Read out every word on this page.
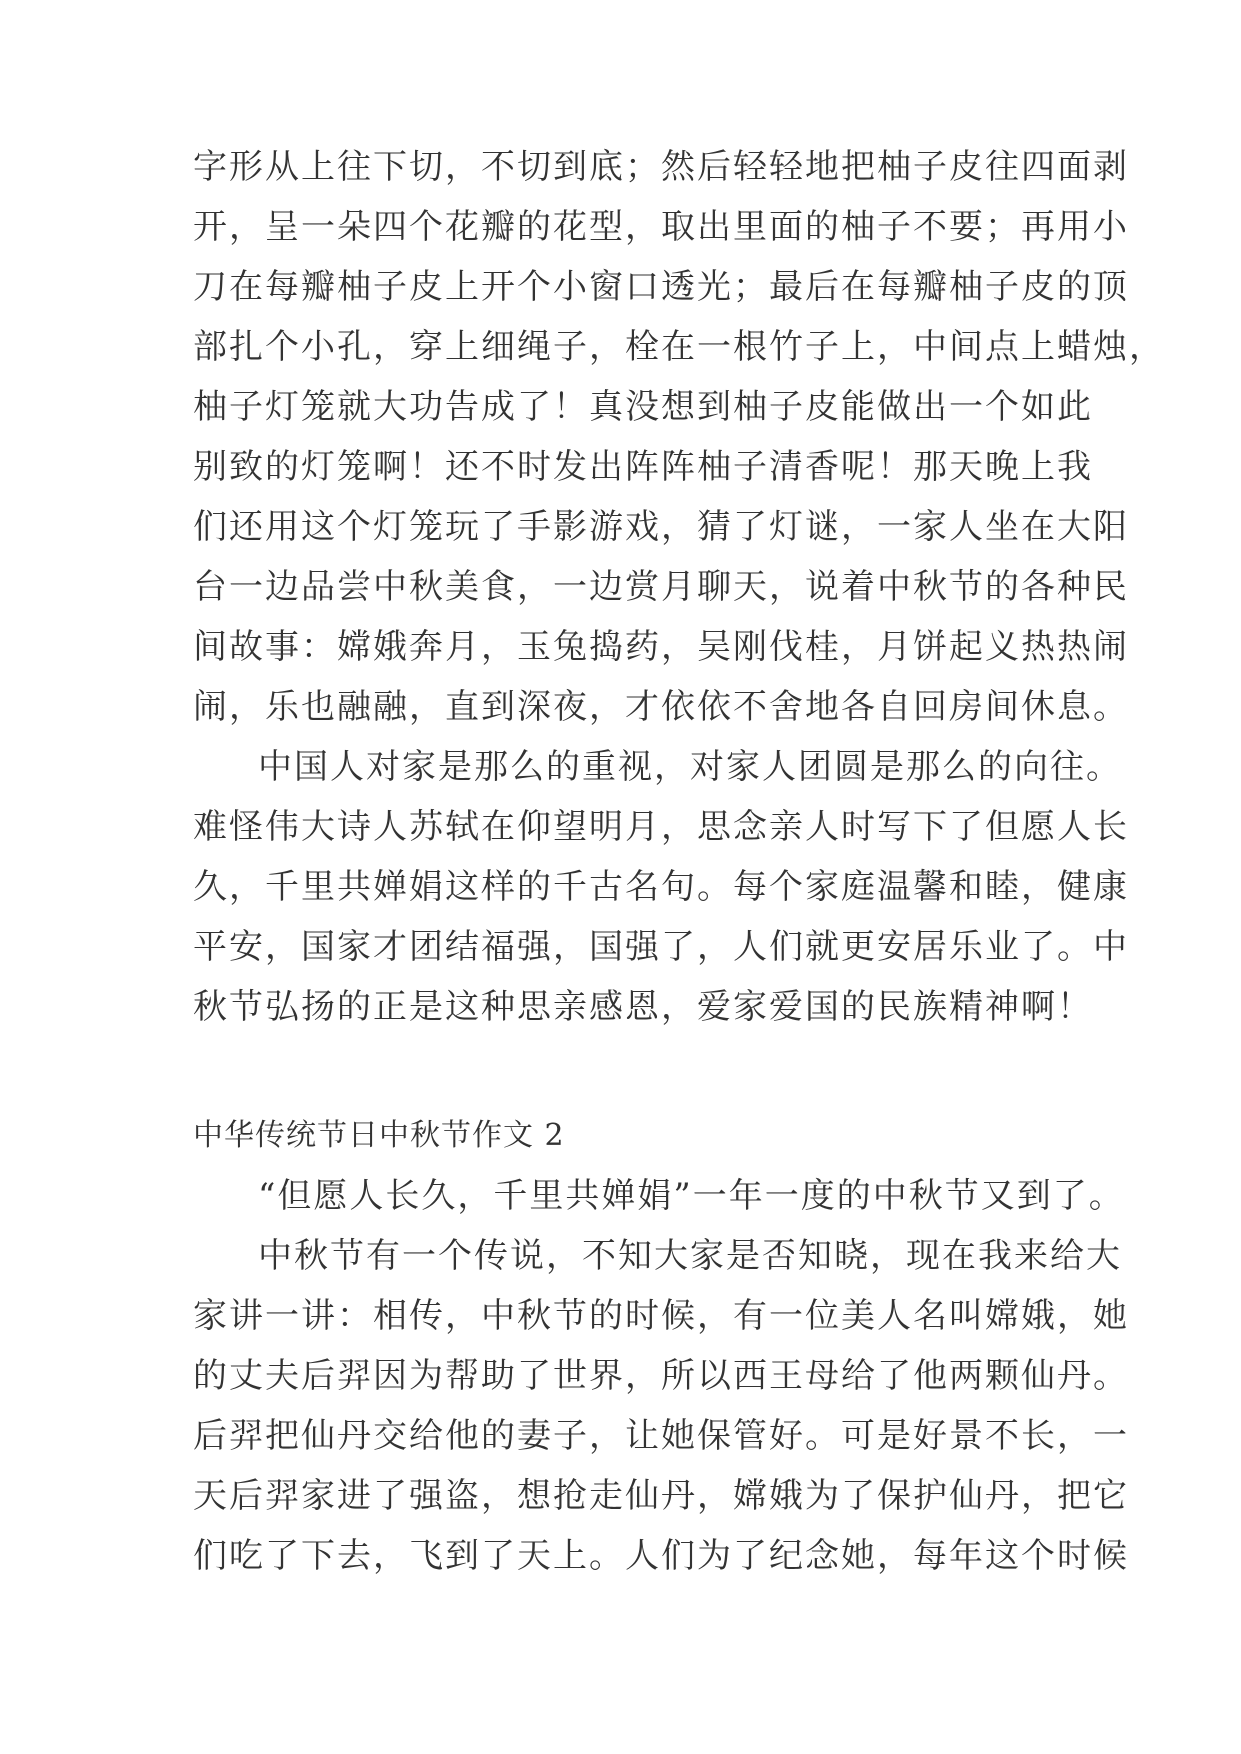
字形从上往下切，不切到底；然后轻轻地把柚子皮往四面剥
开，呈一朵四个花瓣的花型，取出里面的柚子不要；再用小
刀在每瓣柚子皮上开个小窗口透光；最后在每瓣柚子皮的顶
部扎个小孔，穿上细绳子，栓在一根竹子上，中间点上蜡烛，
柚子灯笼就大功告成了！真没想到柚子皮能做出一个如此
别致的灯笼啊！还不时发出阵阵柚子清香呢！那天晚上我
们还用这个灯笼玩了手影游戏，猜了灯谜，一家人坐在大阳
台一边品尝中秋美食，一边赏月聊天，说着中秋节的各种民
间故事：嫦娥奔月，玉兔捣药，吴刚伐桂，月饼起义热热闹
闹，乐也融融，直到深夜，才依依不舍地各自回房间休息。
中国人对家是那么的重视，对家人团圆是那么的向往。
难怪伟大诗人苏轼在仰望明月，思念亲人时写下了但愿人长
久，千里共婵娟这样的千古名句。每个家庭温馨和睦，健康
平安，国家才团结福强，国强了，人们就更安居乐业了。中
秋节弘扬的正是这种思亲感恩，爱家爱国的民族精神啊！
中华传统节日中秋节作文 2
“但愿人长久，千里共婵娟”一年一度的中秋节又到了。
中秋节有一个传说，不知大家是否知晓，现在我来给大
家讲一讲：相传，中秋节的时候，有一位美人名叫嫦娥，她
的丈夫后羿因为帮助了世界，所以西王母给了他两颗仙丹。
后羿把仙丹交给他的妻子，让她保管好。可是好景不长，一
天后羿家进了强盗，想抢走仙丹，嫦娥为了保护仙丹，把它
们吃了下去，飞到了天上。人们为了纪念她，每年这个时候
